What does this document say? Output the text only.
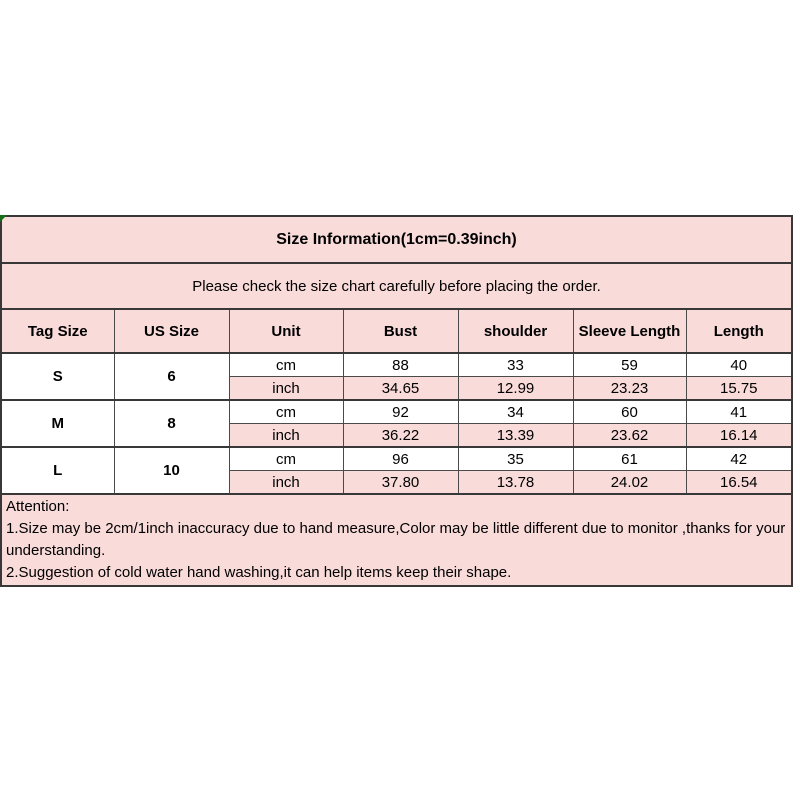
Size Information(1cm=0.39inch)						
Please check the size chart carefully before placing the order.						
Tag Size	US Size	Unit	Bust	shoulder	Sleeve Length	Length
S	6	cm	88	33	59	40
		inch	34.65	12.99	23.23	15.75
M	8	cm	92	34	60	41
		inch	36.22	13.39	23.62	16.14
L	10	cm	96	35	61	42
		inch	37.80	13.78	24.02	16.54

Attention:
1.Size may be 2cm/1inch inaccuracy due to hand measure,Color may be little different due to monitor ,thanks for your understanding.
2.Suggestion of cold water hand washing,it can help items keep their shape.						
